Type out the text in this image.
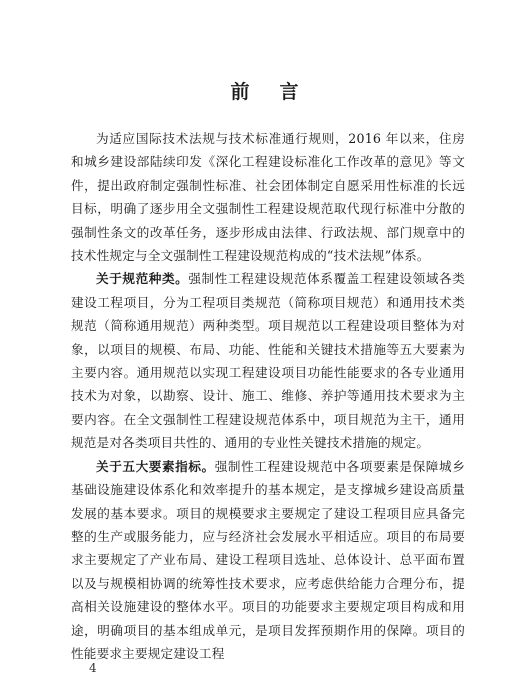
前言

为适应国际技术法规与技术标准通行规则，2016 年以来，住房和城乡建设部陆续印发《深化工程建设标准化工作改革的意见》等文件，提出政府制定强制性标准、社会团体制定自愿采用性标准的长远目标，明确了逐步用全文强制性工程建设规范取代现行标准中分散的强制性条文的改革任务，逐步形成由法律、行政法规、部门规章中的技术性规定与全文强制性工程建设规范构成的“技术法规”体系。

关于规范种类。强制性工程建设规范体系覆盖工程建设领域各类建设工程项目，分为工程项目类规范（简称项目规范）和通用技术类规范（简称通用规范）两种类型。项目规范以工程建设项目整体为对象，以项目的规模、布局、功能、性能和关键技术措施等五大要素为主要内容。通用规范以实现工程建设项目功能性能要求的各专业通用技术为对象，以勘察、设计、施工、维修、养护等通用技术要求为主要内容。在全文强制性工程建设规范体系中，项目规范为主干，通用规范是对各类项目共性的、通用的专业性关键技术措施的规定。

关于五大要素指标。强制性工程建设规范中各项要素是保障城乡基础设施建设体系化和效率提升的基本规定，是支撑城乡建设高质量发展的基本要求。项目的规模要求主要规定了建设工程项目应具备完整的生产或服务能力，应与经济社会发展水平相适应。项目的布局要求主要规定了产业布局、建设工程项目选址、总体设计、总平面布置以及与规模相协调的统筹性技术要求，应考虑供给能力合理分布，提高相关设施建设的整体水平。项目的功能要求主要规定项目构成和用途，明确项目的基本组成单元，是项目发挥预期作用的保障。项目的性能要求主要规定建设工程

4
